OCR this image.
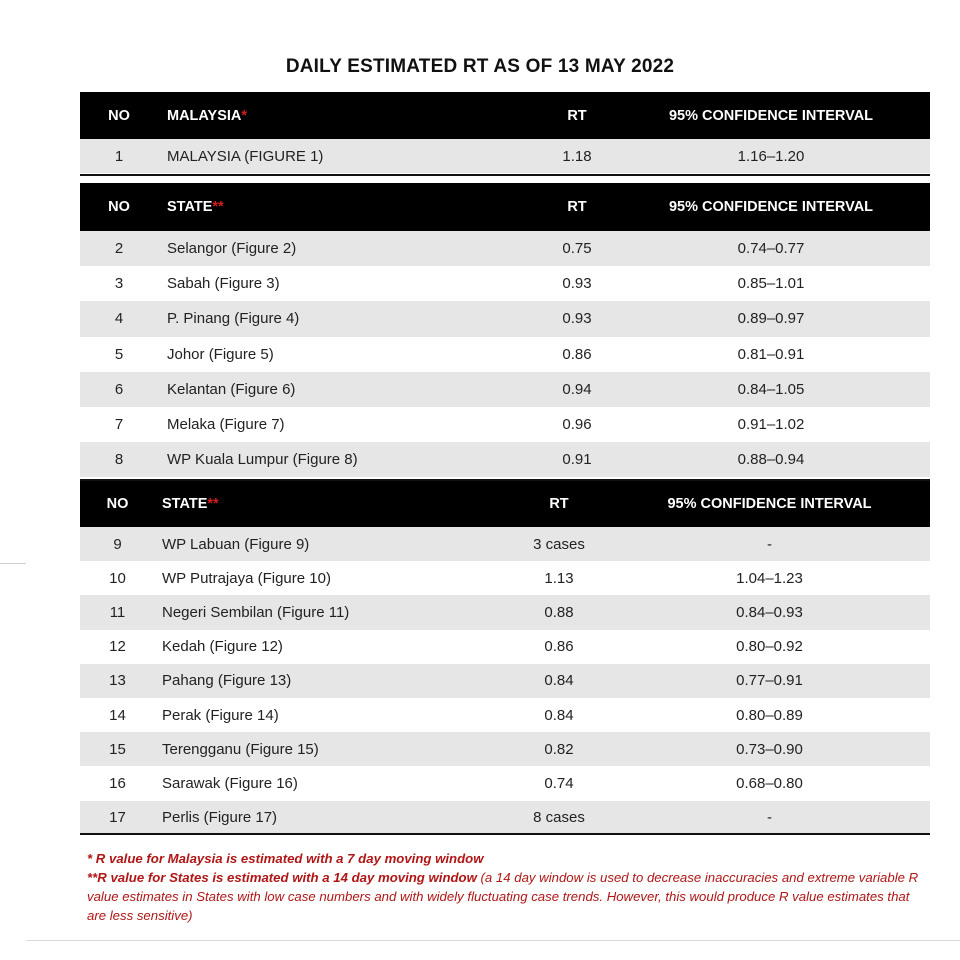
DAILY ESTIMATED RT AS OF 13 MAY 2022
NO	MALAYSIA*	RT	95% CONFIDENCE INTERVAL
1	MALAYSIA (FIGURE 1)	1.18	1.16–1.20
NO	STATE**	RT	95% CONFIDENCE INTERVAL
2	Selangor (Figure 2)	0.75	0.74–0.77
3	Sabah (Figure 3)	0.93	0.85–1.01
4	P. Pinang (Figure 4)	0.93	0.89–0.97
5	Johor (Figure 5)	0.86	0.81–0.91
6	Kelantan (Figure 6)	0.94	0.84–1.05
7	Melaka (Figure 7)	0.96	0.91–1.02
8	WP Kuala Lumpur (Figure 8)	0.91	0.88–0.94
NO	STATE**	RT	95% CONFIDENCE INTERVAL
9	WP Labuan (Figure 9)	3 cases	-
10	WP Putrajaya (Figure 10)	1.13	1.04–1.23
11	Negeri Sembilan (Figure 11)	0.88	0.84–0.93
12	Kedah (Figure 12)	0.86	0.80–0.92
13	Pahang (Figure 13)	0.84	0.77–0.91
14	Perak (Figure 14)	0.84	0.80–0.89
15	Terengganu (Figure 15)	0.82	0.73–0.90
16	Sarawak (Figure 16)	0.74	0.68–0.80
17	Perlis (Figure 17)	8 cases	-
* R value for Malaysia is estimated with a 7 day moving window
**R value for States is estimated with a 14 day moving window (a 14 day window is used to decrease inaccuracies and extreme variable R value estimates in States with low case numbers and with widely fluctuating case trends. However, this would produce R value estimates that are less sensitive)
